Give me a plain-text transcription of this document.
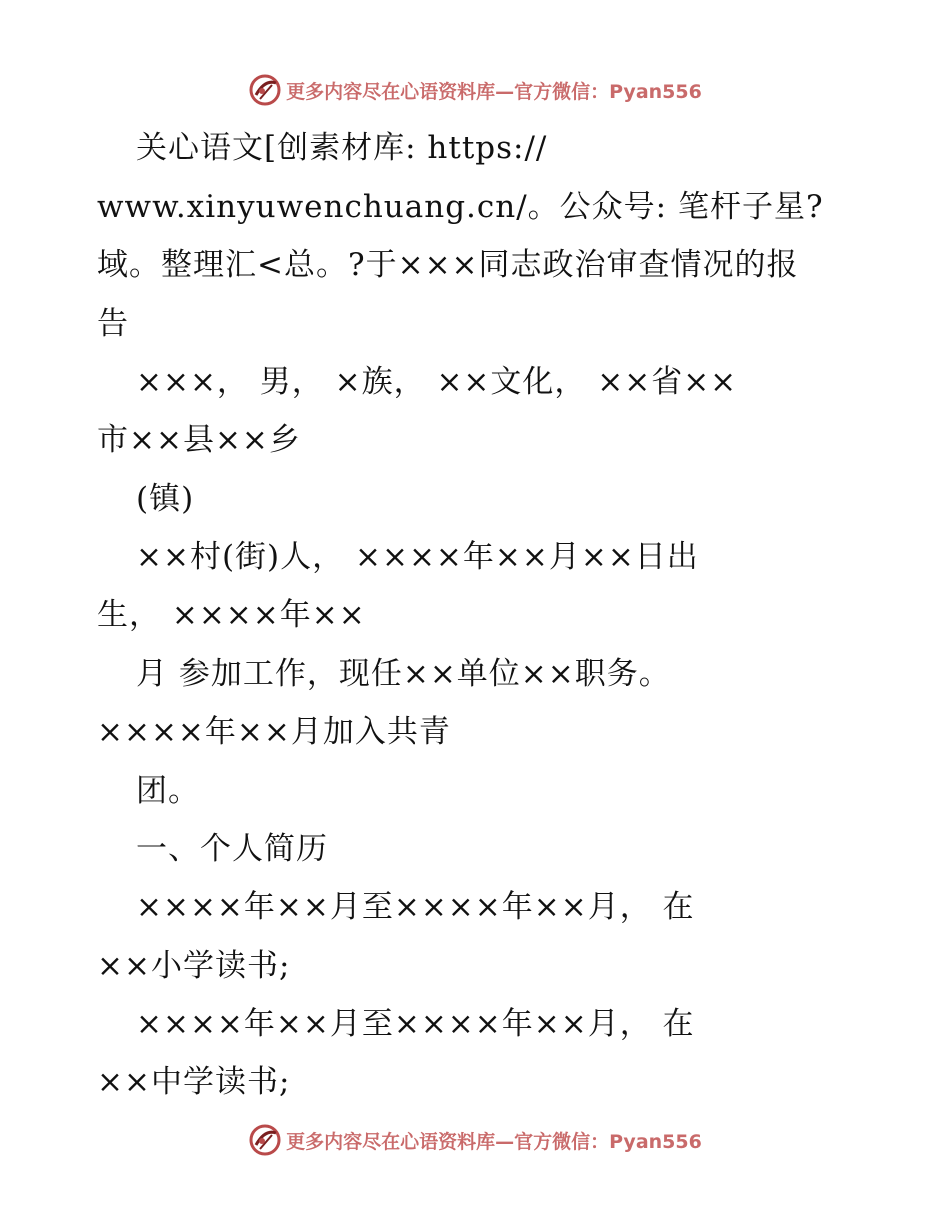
更多内容尽在心语资料库—官方微信：Pyan556
关心语文[创素材库: https://
www.xinyuwenchuang.cn/。公众号: 笔杆子星?
域。整理汇<总。?于×××同志政治审查情况的报
告
×××， 男， ×族， ××文化， ××省××
市××县××乡
(镇)
××村(街)人， ××××年××月××日出
生， ××××年××
月 参加工作，现任××单位××职务。
××××年××月加入共青
团。
一、个人简历
××××年××月至××××年××月， 在
××小学读书;
××××年××月至××××年××月， 在
××中学读书;
更多内容尽在心语资料库—官方微信：Pyan556
